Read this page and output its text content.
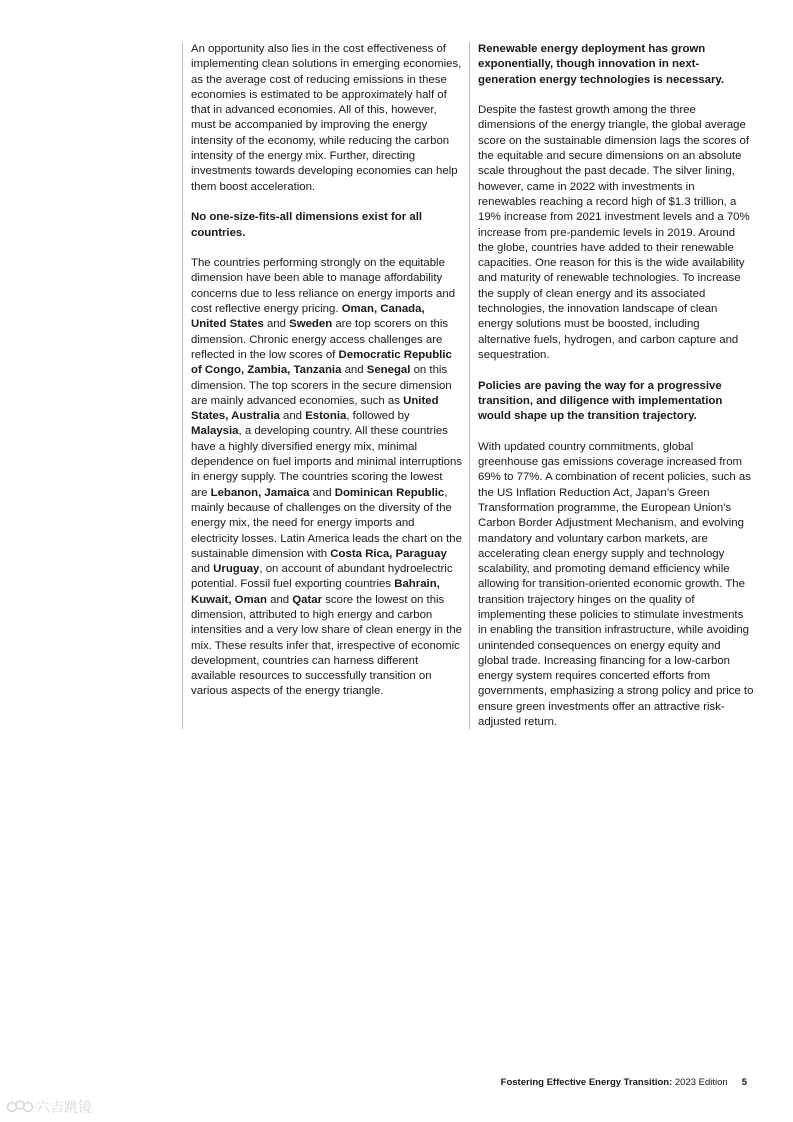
An opportunity also lies in the cost effectiveness of implementing clean solutions in emerging economies, as the average cost of reducing emissions in these economies is estimated to be approximately half of that in advanced economies. All of this, however, must be accompanied by improving the energy intensity of the economy, while reducing the carbon intensity of the energy mix. Further, directing investments towards developing economies can help them boost acceleration.

No one-size-fits-all dimensions exist for all countries.

The countries performing strongly on the equitable dimension have been able to manage affordability concerns due to less reliance on energy imports and cost reflective energy pricing. Oman, Canada, United States and Sweden are top scorers on this dimension. Chronic energy access challenges are reflected in the low scores of Democratic Republic of Congo, Zambia, Tanzania and Senegal on this dimension. The top scorers in the secure dimension are mainly advanced economies, such as United States, Australia and Estonia, followed by Malaysia, a developing country. All these countries have a highly diversified energy mix, minimal dependence on fuel imports and minimal interruptions in energy supply. The countries scoring the lowest are Lebanon, Jamaica and Dominican Republic, mainly because of challenges on the diversity of the energy mix, the need for energy imports and electricity losses. Latin America leads the chart on the sustainable dimension with Costa Rica, Paraguay and Uruguay, on account of abundant hydroelectric potential. Fossil fuel exporting countries Bahrain, Kuwait, Oman and Qatar score the lowest on this dimension, attributed to high energy and carbon intensities and a very low share of clean energy in the mix. These results infer that, irrespective of economic development, countries can harness different available resources to successfully transition on various aspects of the energy triangle.

Renewable energy deployment has grown exponentially, though innovation in next-generation energy technologies is necessary.

Despite the fastest growth among the three dimensions of the energy triangle, the global average score on the sustainable dimension lags the scores of the equitable and secure dimensions on an absolute scale throughout the past decade. The silver lining, however, came in 2022 with investments in renewables reaching a record high of $1.3 trillion, a 19% increase from 2021 investment levels and a 70% increase from pre-pandemic levels in 2019. Around the globe, countries have added to their renewable capacities. One reason for this is the wide availability and maturity of renewable technologies. To increase the supply of clean energy and its associated technologies, the innovation landscape of clean energy solutions must be boosted, including alternative fuels, hydrogen, and carbon capture and sequestration.

Policies are paving the way for a progressive transition, and diligence with implementation would shape up the transition trajectory.

With updated country commitments, global greenhouse gas emissions coverage increased from 69% to 77%. A combination of recent policies, such as the US Inflation Reduction Act, Japan’s Green Transformation programme, the European Union’s Carbon Border Adjustment Mechanism, and evolving mandatory and voluntary carbon markets, are accelerating clean energy supply and technology scalability, and promoting demand efficiency while allowing for transition-oriented economic growth. The transition trajectory hinges on the quality of implementing these policies to stimulate investments in enabling the transition infrastructure, while avoiding unintended consequences on energy equity and global trade. Increasing financing for a low-carbon energy system requires concerted efforts from governments, emphasizing a strong policy and price to ensure green investments offer an attractive risk-adjusted return.

Fostering Effective Energy Transition: 2023 Edition 5
六吉跳镜
